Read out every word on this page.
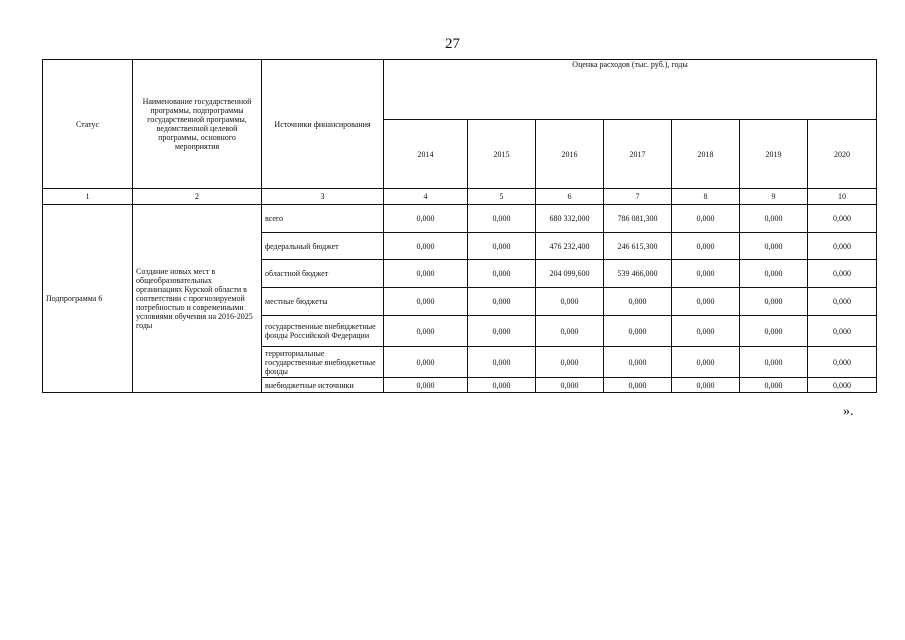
27
Статус	Наименование государственной программы, подпрограммы государственной программы, ведомственной целевой программы, основного мероприятия	Источники финансирования	Оценка расходов (тыс. руб.), годы						
			2014	2015	2016	2017	2018	2019	2020
1	2	3	4	5	6	7	8	9	10
Подпрограмма 6	Создание новых мест в общеобразовательных организациях Курской области в соответствии с прогнозируемой потребностью и современными условиями обучения на 2016-2025 годы	всего	0,000	0,000	680 332,000	786 081,300	0,000	0,000	0,000
		федеральный бюджет	0,000	0,000	476 232,400	246 615,300	0,000	0,000	0,000
		областной бюджет	0,000	0,000	204 099,600	539 466,000	0,000	0,000	0,000
		местные бюджеты	0,000	0,000	0,000	0,000	0,000	0,000	0,000
		государственные внебюджетные фонды Российской Федерации	0,000	0,000	0,000	0,000	0,000	0,000	0,000
		территориальные государственные внебюджетные фонды	0,000	0,000	0,000	0,000	0,000	0,000	0,000
		внебюджетные источники	0,000	0,000	0,000	0,000	0,000	0,000	0,000
».
